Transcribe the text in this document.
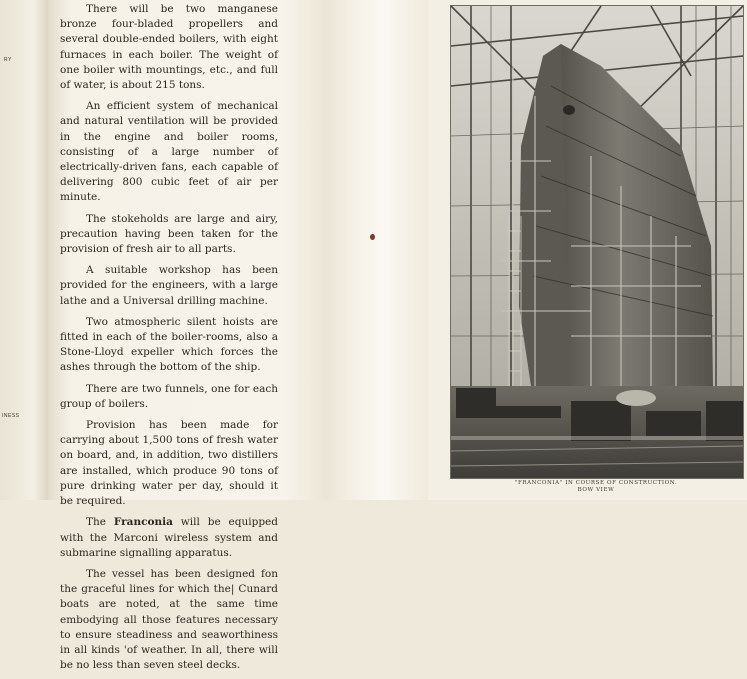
RY
INESS

There will be two manganese bronze four-bladed propellers and several double-ended boilers, with eight furnaces in each boiler. The weight of one boiler with mountings, etc., and full of water, is about 215 tons.

An efficient system of mechanical and natural ventilation will be provided in the engine and boiler rooms, consisting of a large number of electrically-driven fans, each capable of delivering 800 cubic feet of air per minute.

The stokeholds are large and airy, precaution having been taken for the provision of fresh air to all parts.

A suitable workshop has been provided for the engineers, with a large lathe and a Universal drilling machine.

Two atmospheric silent hoists are fitted in each of the boiler-rooms, also a Stone-Lloyd expeller which forces the ashes through the bottom of the ship.

There are two funnels, one for each group of boilers.

Provision has been made for carrying about 1,500 tons of fresh water on board, and, in addition, two distillers are installed, which produce 90 tons of pure drinking water per day, should it be required.

The Franconia will be equipped with the Marconi wireless system and submarine signalling apparatus.

The vessel has been designed fon the graceful lines for which the| Cunard boats are noted, at the same time embodying all those features necessary to ensure steadiness and seaworthiness in all kinds 'of weather. In all, there will be no less than seven steel decks.

"FRANCONIA" IN COURSE OF CONSTRUCTION.
BOW VIEW
